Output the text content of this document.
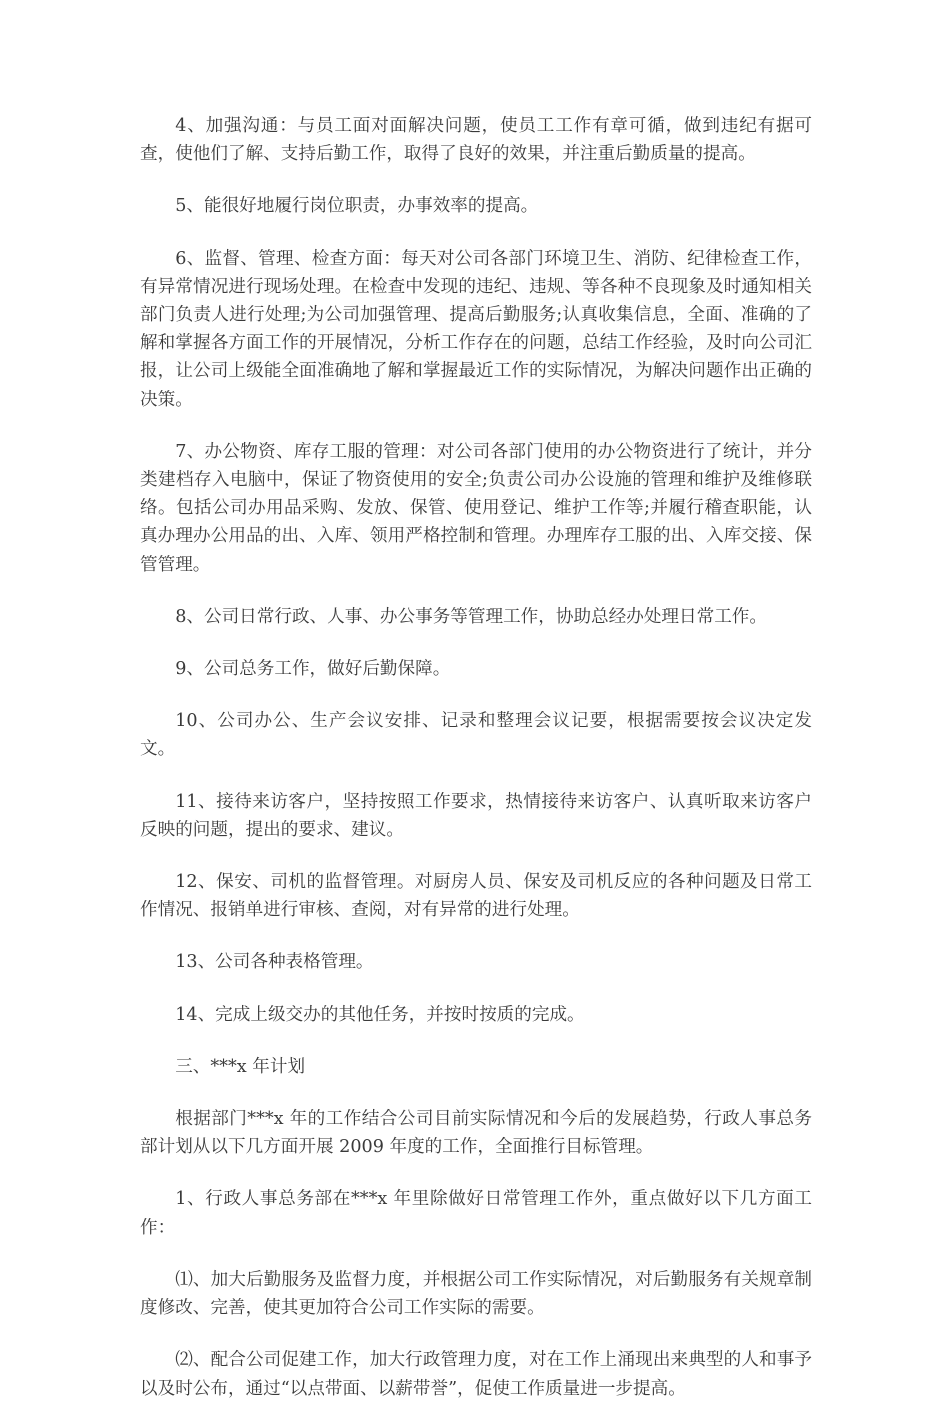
4、加强沟通：与员工面对面解决问题，使员工工作有章可循，做到违纪有据可查，使他们了解、支持后勤工作，取得了良好的效果，并注重后勤质量的提高。

5、能很好地履行岗位职责，办事效率的提高。

6、监督、管理、检查方面：每天对公司各部门环境卫生、消防、纪律检查工作，有异常情况进行现场处理。在检查中发现的违纪、违规、等各种不良现象及时通知相关部门负责人进行处理;为公司加强管理、提高后勤服务;认真收集信息，全面、准确的了解和掌握各方面工作的开展情况，分析工作存在的问题，总结工作经验，及时向公司汇报，让公司上级能全面准确地了解和掌握最近工作的实际情况，为解决问题作出正确的决策。

7、办公物资、库存工服的管理：对公司各部门使用的办公物资进行了统计，并分类建档存入电脑中，保证了物资使用的安全;负责公司办公设施的管理和维护及维修联络。包括公司办用品采购、发放、保管、使用登记、维护工作等;并履行稽查职能，认真办理办公用品的出、入库、领用严格控制和管理。办理库存工服的出、入库交接、保管管理。

8、公司日常行政、人事、办公事务等管理工作，协助总经办处理日常工作。

9、公司总务工作，做好后勤保障。

10、公司办公、生产会议安排、记录和整理会议记要，根据需要按会议决定发文。

11、接待来访客户，坚持按照工作要求，热情接待来访客户、认真听取来访客户反映的问题，提出的要求、建议。

12、保安、司机的监督管理。对厨房人员、保安及司机反应的各种问题及日常工作情况、报销单进行审核、查阅，对有异常的进行处理。

13、公司各种表格管理。

14、完成上级交办的其他任务，并按时按质的完成。

三、***x 年计划

根据部门***x 年的工作结合公司目前实际情况和今后的发展趋势，行政人事总务部计划从以下几方面开展 2009 年度的工作，全面推行目标管理。

1、行政人事总务部在***x 年里除做好日常管理工作外，重点做好以下几方面工作：

⑴、加大后勤服务及监督力度，并根据公司工作实际情况，对后勤服务有关规章制度修改、完善，使其更加符合公司工作实际的需要。

⑵、配合公司促建工作，加大行政管理力度，对在工作上涌现出来典型的人和事予以及时公布，通过“以点带面、以薪带誉”，促使工作质量进一步提高。
